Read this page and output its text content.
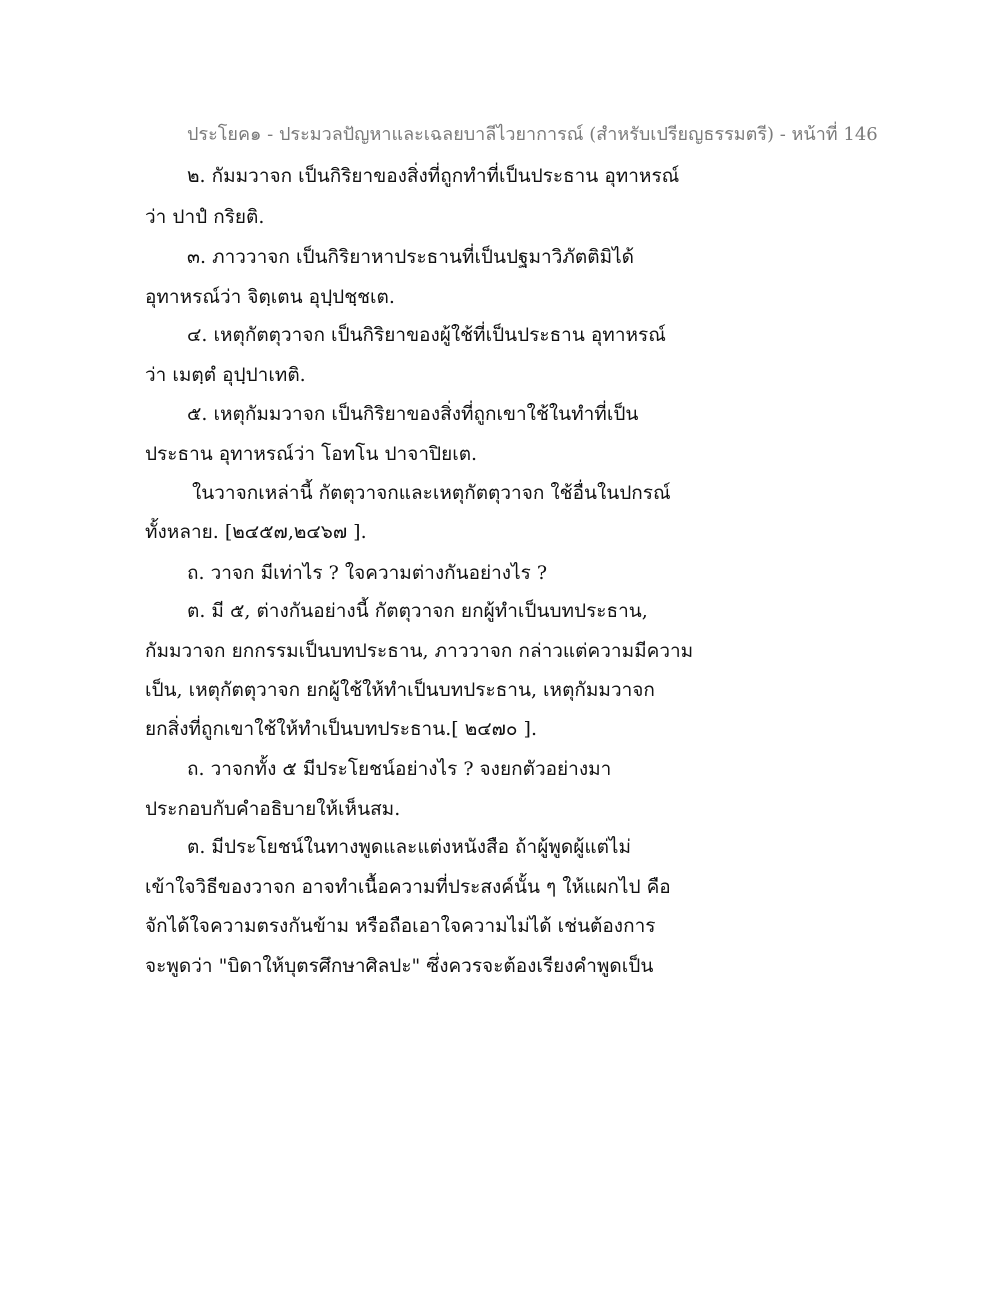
ประโยค๑ - ประมวลปัญหาและเฉลยบาลีไวยาการณ์ (สำหรับเปรียญธรรมตรี) - หน้าที่ 146
๒. กัมมวาจก เป็นกิริยาของสิ่งที่ถูกทำที่เป็นประธาน อุทาหรณ์
ว่า ปาปํ กริยติ.
๓. ภาววาจก เป็นกิริยาหาประธานที่เป็นปฐมาวิภัตติมิได้
อุทาหรณ์ว่า จิตฺเตน อุปฺปชฺชเต.
๔. เหตุกัตตุวาจก เป็นกิริยาของผู้ใช้ที่เป็นประธาน อุทาหรณ์
ว่า เมตฺตํ อุปฺปาเทติ.
๕. เหตุกัมมวาจก เป็นกิริยาของสิ่งที่ถูกเขาใช้ในทำที่เป็น
ประธาน อุทาหรณ์ว่า โอทโน ปาจาปิยเต.
ในวาจกเหล่านี้ กัตตุวาจกและเหตุกัตตุวาจก ใช้อื่นในปกรณ์
ทั้งหลาย. [๒๔๕๗,๒๔๖๗ ].
ถ. วาจก มีเท่าไร ? ใจความต่างกันอย่างไร ?
ต. มี ๕, ต่างกันอย่างนี้ กัตตุวาจก ยกผู้ทำเป็นบทประธาน,
กัมมวาจก ยกกรรมเป็นบทประธาน, ภาววาจก กล่าวแต่ความมีความ
เป็น, เหตุกัตตุวาจก ยกผู้ใช้ให้ทำเป็นบทประธาน, เหตุกัมมวาจก
ยกสิ่งที่ถูกเขาใช้ให้ทำเป็นบทประธาน.[ ๒๔๗๐ ].
ถ. วาจกทั้ง ๕ มีประโยชน์อย่างไร ? จงยกตัวอย่างมา
ประกอบกับคำอธิบายให้เห็นสม.
ต. มีประโยชน์ในทางพูดและแต่งหนังสือ ถ้าผู้พูดผู้แต่ไม่
เข้าใจวิธีของวาจก อาจทำเนื้อความที่ประสงค์นั้น ๆ ให้แผกไป คือ
จักได้ใจความตรงกันข้าม หรือถือเอาใจความไม่ได้ เช่นต้องการ
จะพูดว่า "บิดาให้บุตรศึกษาศิลปะ" ซึ่งควรจะต้องเรียงคำพูดเป็น
